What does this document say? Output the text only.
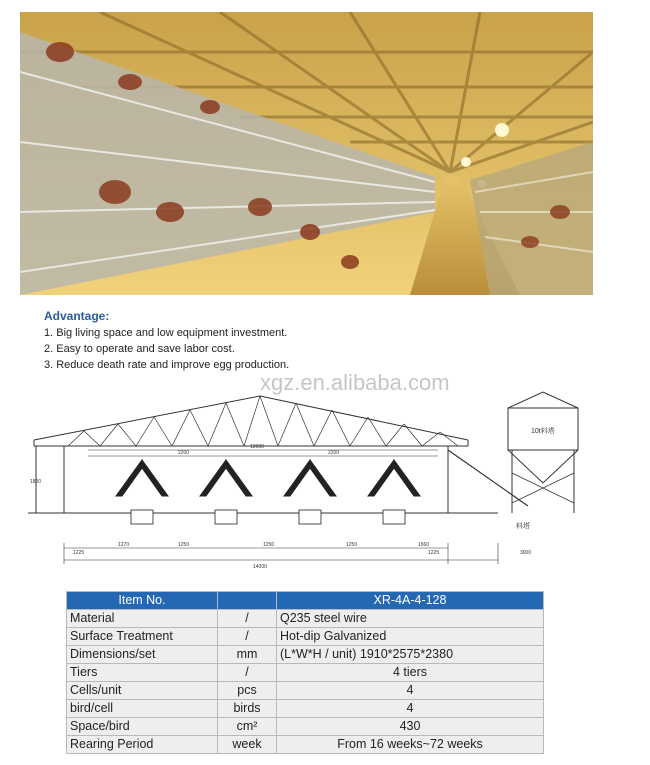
Advantage:
1. Big living space and low equipment investment.
2. Easy to operate and save labor cost.
3. Reduce death rate and improve egg production.
10t料塔
料塔
12000
2200	2200
1270	1250	1250	1250	1560
14000
3000
1225	1225
1800
xgz.en.alibaba.com
Item No.		XR-4A-4-128
Material	/	Q235 steel wire
Surface Treatment	/	Hot-dip Galvanized
Dimensions/set	mm	(L*W*H / unit) 1910*2575*2380
Tiers	/	4 tiers
Cells/unit	pcs	4
bird/cell	birds	4
Space/bird	cm²	430
Rearing Period	week	From 16 weeks~72 weeks
